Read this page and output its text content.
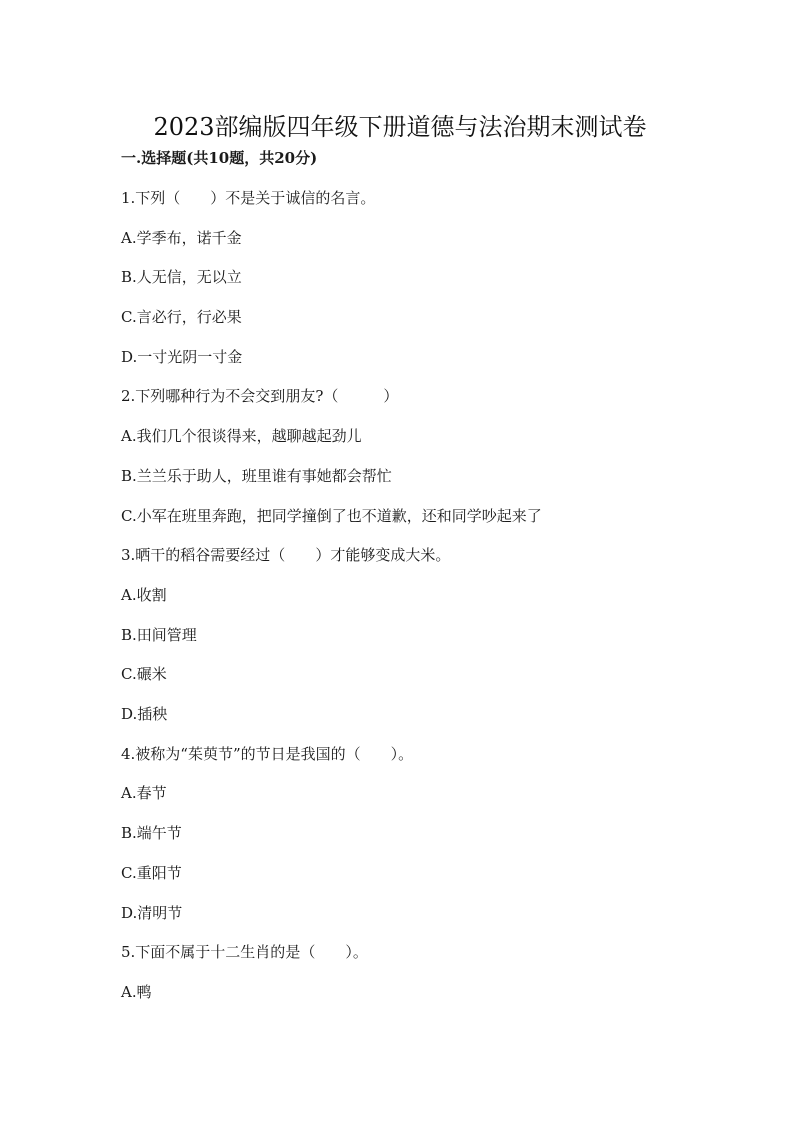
2023部编版四年级下册道德与法治期末测试卷
一.选择题(共10题，共20分)
1.下列（　　）不是关于诚信的名言。
A.学季布，诺千金
B.人无信，无以立
C.言必行，行必果
D.一寸光阴一寸金
2.下列哪种行为不会交到朋友?（　　　）
A.我们几个很谈得来，越聊越起劲儿
B.兰兰乐于助人，班里谁有事她都会帮忙
C.小军在班里奔跑，把同学撞倒了也不道歉，还和同学吵起来了
3.晒干的稻谷需要经过（　　）才能够变成大米。
A.收割
B.田间管理
C.碾米
D.插秧
4.被称为“茱萸节”的节日是我国的（　　）。
A.春节
B.端午节
C.重阳节
D.清明节
5.下面不属于十二生肖的是（　　）。
A.鸭
